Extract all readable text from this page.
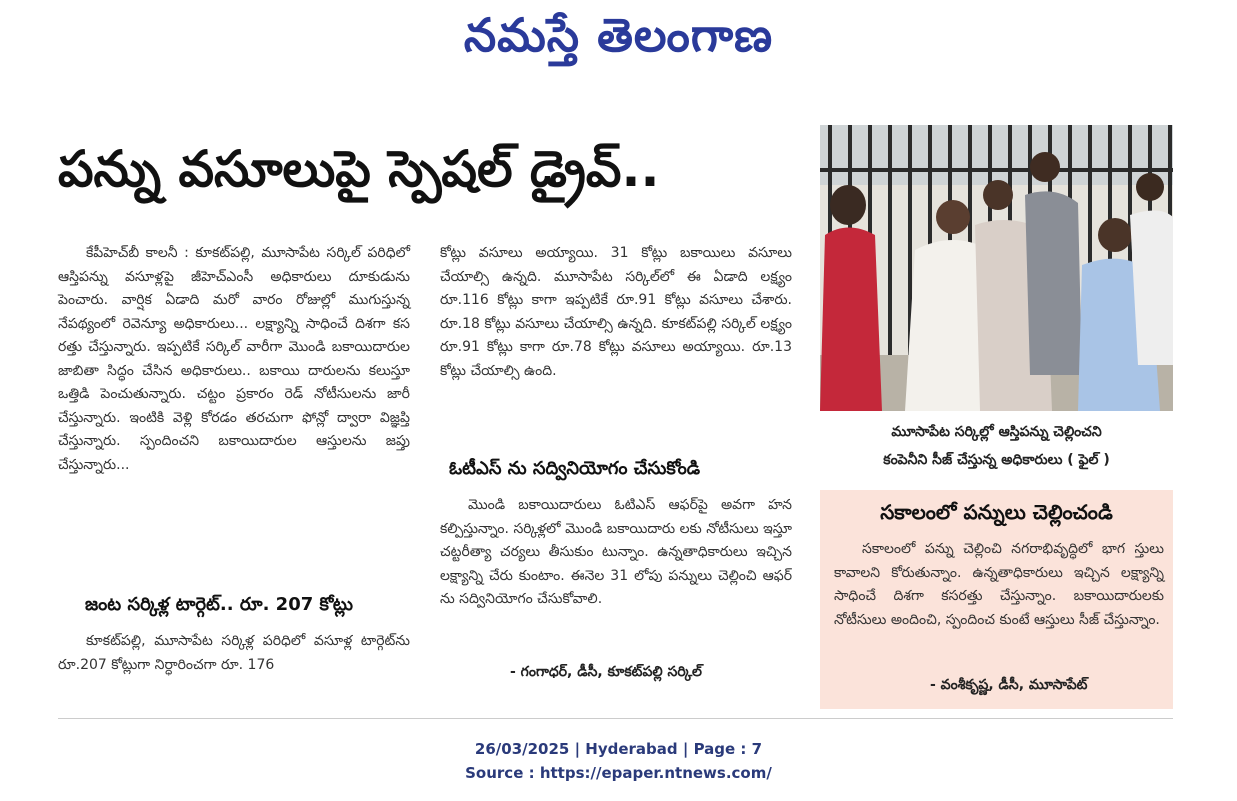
నమస్తే తెలంగాణ
పన్ను వసూలుపై స్పెషల్ డ్రైవ్..

కేపీహెచ్‌బీ కాలనీ : కూకట్‌పల్లి, మూసాపేట సర్కిల్ పరిధిలో ఆస్తిపన్ను వసూళ్లపై జీహెచ్‌ఎంసీ అధికారులు దూకుడును పెంచారు. వార్షిక ఏడాది మరో వారం రోజుల్లో ముగుస్తున్న నేపథ్యంలో రెవెన్యూ అధికారులు... లక్ష్యాన్ని సాధించే దిశగా కస రత్తు చేస్తున్నారు. ఇప్పటికే సర్కిల్ వారీగా మొండి బకాయిదారుల జాబితా సిద్ధం చేసిన అధికారులు.. బకాయి దారులను కలుస్తూ ఒత్తిడి పెంచుతున్నారు. చట్టం ప్రకారం రెడ్ నోటీసులను జారీ చేస్తున్నారు. ఇంటికి వెళ్లి కోరడం తరచుగా ఫోన్లో ద్వారా విజ్ఞప్తి చేస్తున్నారు. స్పందించని బకాయిదారుల ఆస్తులను జప్తు చేస్తున్నారు...

జంట సర్కిళ్ల టార్గెట్.. రూ. 207 కోట్లు

కూకట్‌పల్లి, మూసాపేట సర్కిళ్ల పరిధిలో వసూళ్ల టార్గెట్‌ను రూ.207 కోట్లుగా నిర్ధారించగా రూ. 176

కోట్లు వసూలు అయ్యాయి. 31 కోట్లు బకాయిలు వసూలు చేయాల్సి ఉన్నది. మూసాపేట సర్కిల్‌లో ఈ ఏడాది లక్ష్యం రూ.116 కోట్లు కాగా ఇప్పటికే రూ.91 కోట్లు వసూలు చేశారు. రూ.18 కోట్లు వసూలు చేయాల్సి ఉన్నది. కూకట్‌పల్లి సర్కిల్ లక్ష్యం రూ.91 కోట్లు కాగా రూ.78 కోట్లు వసూలు అయ్యాయి. రూ.13 కోట్లు చేయాల్సి ఉంది.

ఓటీఎస్ ను సద్వినియోగం చేసుకోండి

మొండి బకాయిదారులు ఓటిఎస్ ఆఫర్‌పై అవగా హన కల్పిస్తున్నాం. సర్కిళ్లలో మొండి బకాయిదారు లకు నోటీసులు ఇస్తూ చట్టరీత్యా చర్యలు తీసుకుం టున్నాం. ఉన్నతాధికారులు ఇచ్చిన లక్ష్యాన్ని చేరు కుంటాం. ఈనెల 31 లోపు పన్నులు చెల్లించి ఆఫర్ ను సద్వినియోగం చేసుకోవాలి.

- గంగాధర్, డీసీ, కూకట్‌పల్లి సర్కిల్
మూసాపేట సర్కిల్లో ఆస్తిపన్ను చెల్లించని
కంపెనీని సీజ్ చేస్తున్న అధికారులు ( ఫైల్ )
సకాలంలో పన్నులు చెల్లించండి

సకాలంలో పన్ను చెల్లించి నగరాభివృద్ధిలో భాగ స్తులు కావాలని కోరుతున్నాం. ఉన్నతాధికారులు ఇచ్చిన లక్ష్యాన్ని సాధించే దిశగా కసరత్తు చేస్తున్నాం. బకాయిదారులకు నోటీసులు అందించి, స్పందించ కుంటే ఆస్తులు సీజ్ చేస్తున్నాం.

- వంశీకృష్ణ, డీసీ, మూసాపేట్
26/03/2025 | Hyderabad | Page : 7
Source : https://epaper.ntnews.com/
